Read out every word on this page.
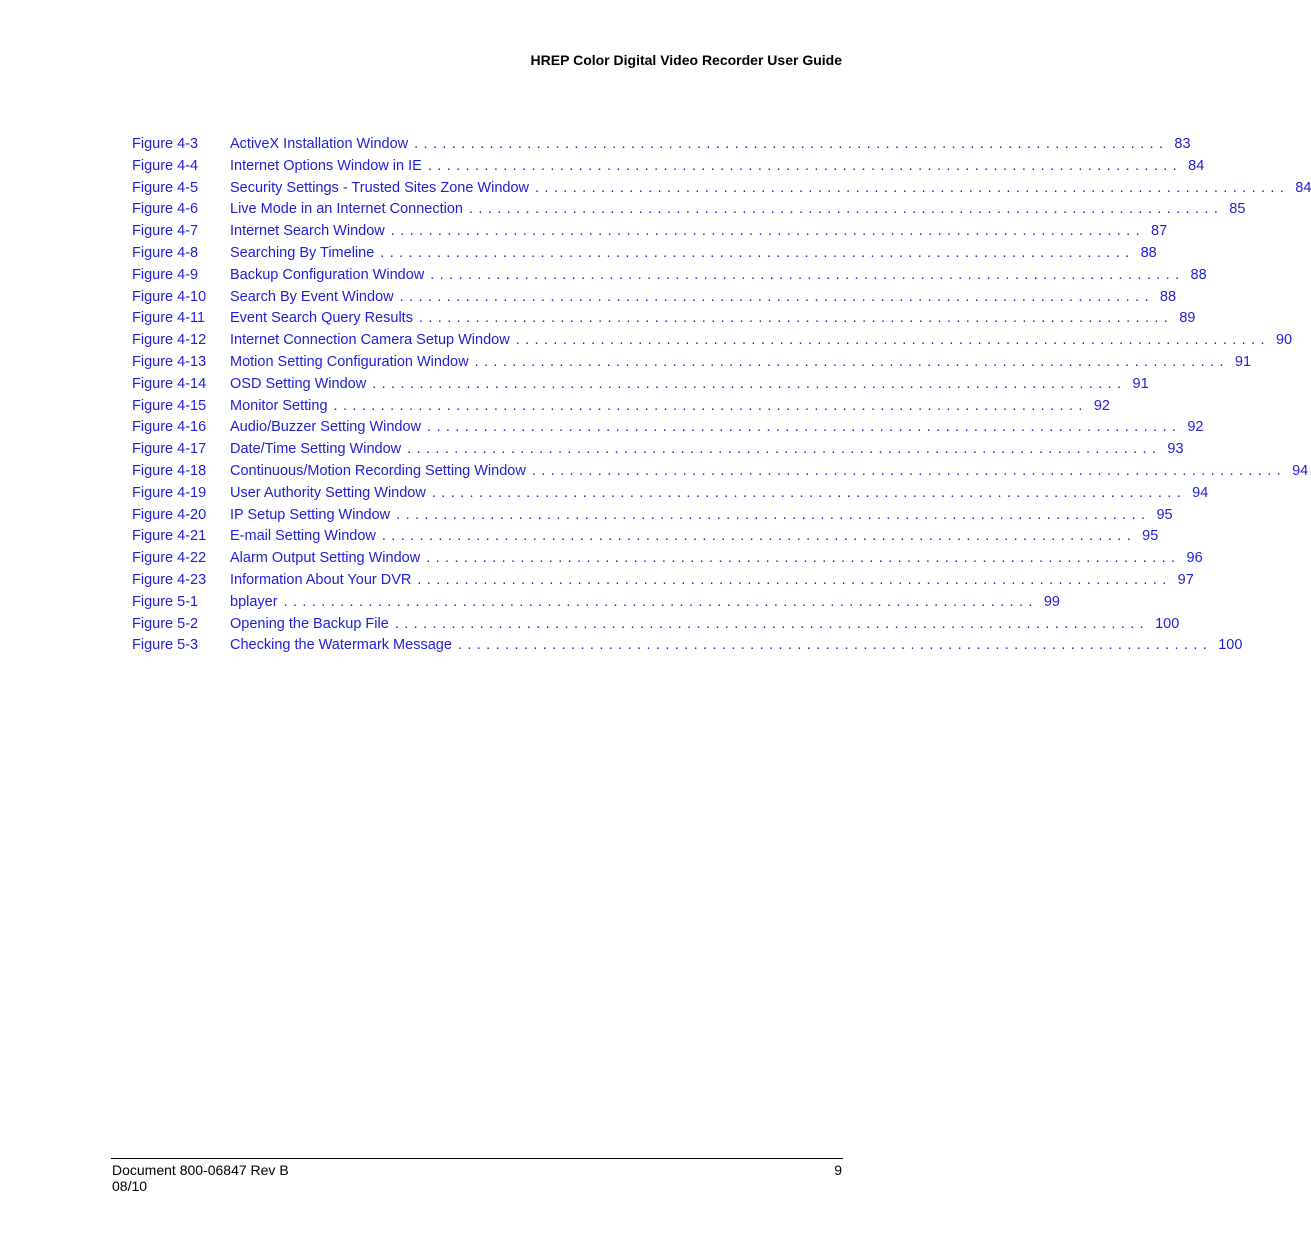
HREP Color Digital Video Recorder User Guide
Figure 4-3	ActiveX Installation Window ................................................................................ 83
Figure 4-4	Internet Options Window in IE ................................................................................ 84
Figure 4-5	Security Settings - Trusted Sites Zone Window ................................................................................ 84
Figure 4-6	Live Mode in an Internet Connection ................................................................................ 85
Figure 4-7	Internet Search Window ................................................................................ 87
Figure 4-8	Searching By Timeline ................................................................................ 88
Figure 4-9	Backup Configuration Window ................................................................................ 88
Figure 4-10	Search By Event Window ................................................................................ 88
Figure 4-11	Event Search Query Results ................................................................................ 89
Figure 4-12	Internet Connection Camera Setup Window ................................................................................ 90
Figure 4-13	Motion Setting Configuration Window ................................................................................ 91
Figure 4-14	OSD Setting Window ................................................................................ 91
Figure 4-15	Monitor Setting ................................................................................ 92
Figure 4-16	Audio/Buzzer Setting Window ................................................................................ 92
Figure 4-17	Date/Time Setting Window ................................................................................ 93
Figure 4-18	Continuous/Motion Recording Setting Window ................................................................................ 94
Figure 4-19	User Authority Setting Window ................................................................................ 94
Figure 4-20	IP Setup Setting Window ................................................................................ 95
Figure 4-21	E-mail Setting Window ................................................................................ 95
Figure 4-22	Alarm Output Setting Window ................................................................................ 96
Figure 4-23	Information About Your DVR ................................................................................ 97
Figure 5-1	bplayer ................................................................................ 99
Figure 5-2	Opening the Backup File ................................................................................ 100
Figure 5-3	Checking the Watermark Message ................................................................................ 100
Document 800-06847 Rev B
08/10
9
